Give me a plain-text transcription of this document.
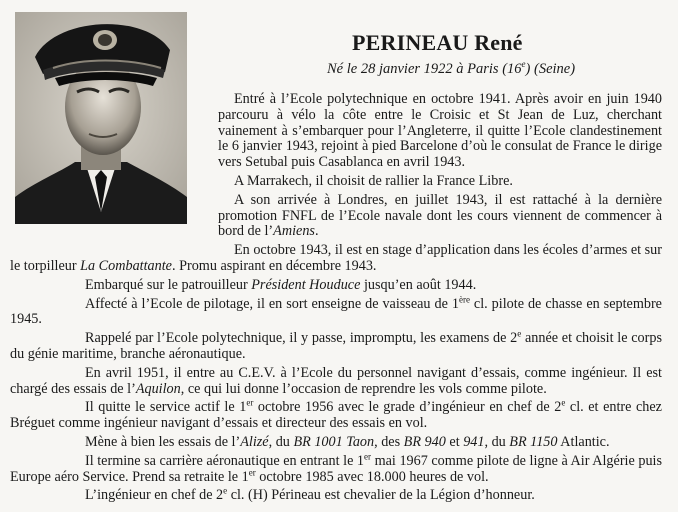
PERINEAU René
Né le 28 janvier 1922 à Paris (16e) (Seine)

Entré à l’Ecole polytechnique en octobre 1941. Après avoir en juin 1940 parcouru à vélo la côte entre le Croisic et St Jean de Luz, cherchant vainement à s’embarquer pour l’Angleterre, il quitte l’Ecole clandestinement le 6 janvier 1943, rejoint à pied Barcelone d’où le consulat de France le dirige vers Setubal puis Casablanca en avril 1943.

A Marrakech, il choisit de rallier la France Libre.

A son arrivée à Londres, en juillet 1943, il est rattaché à la dernière promotion FNFL de l’Ecole navale dont les cours viennent de commencer à bord de l’Amiens.

En octobre 1943, il est en stage d’application dans les écoles d’armes et sur le torpilleur La Combattante. Promu aspirant en décembre 1943.

Embarqué sur le patrouilleur Président Houduce jusqu’en août 1944.

Affecté à l’Ecole de pilotage, il en sort enseigne de vaisseau de 1ère cl. pilote de chasse en septembre 1945.

Rappelé par l’Ecole polytechnique, il y passe, impromptu, les examens de 2e année et choisit le corps du génie maritime, branche aéronautique.

En avril 1951, il entre au C.E.V. à l’Ecole du personnel navigant d’essais, comme ingénieur. Il est chargé des essais de l’Aquilon, ce qui lui donne l’occasion de reprendre les vols comme pilote.

Il quitte le service actif le 1er octobre 1956 avec le grade d’ingénieur en chef de 2e cl. et entre chez Bréguet comme ingénieur navigant d’essais et directeur des essais en vol.

Mène à bien les essais de l’Alizé, du BR 1001 Taon, des BR 940 et 941, du BR 1150 Atlantic.

Il termine sa carrière aéronautique en entrant le 1er mai 1967 comme pilote de ligne à Air Algérie puis Europe aéro Service. Prend sa retraite le 1er octobre 1985 avec 18.000 heures de vol.

L’ingénieur en chef de 2e cl. (H) Périneau est chevalier de la Légion d’honneur.
